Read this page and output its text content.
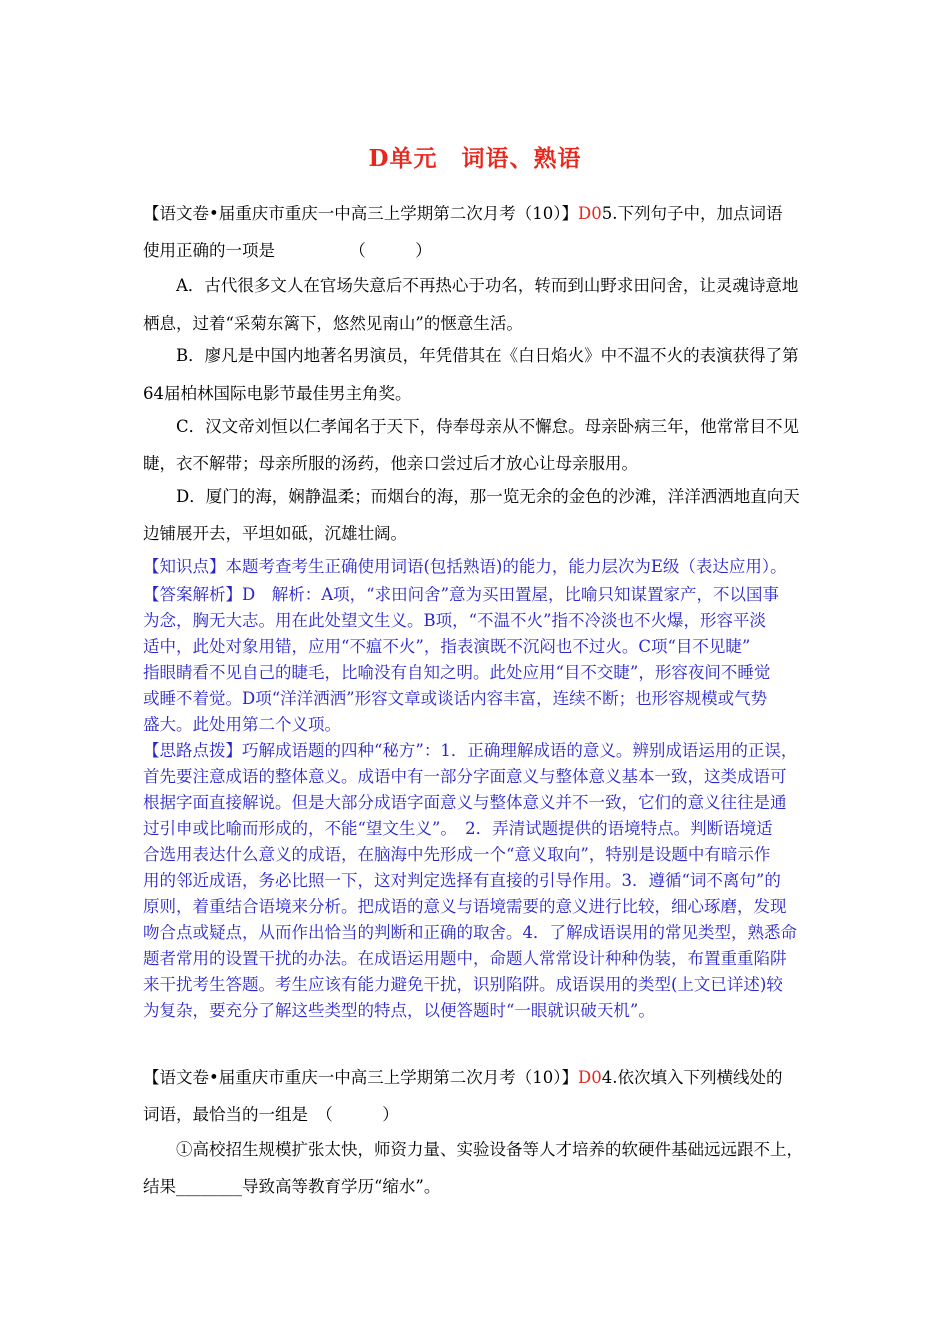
D单元　词语、熟语
【语文卷•届重庆市重庆一中高三上学期第二次月考（10）】D05.下列句子中，加点词语
使用正确的一项是　　　　　（　　　）
A．古代很多文人在官场失意后不再热心于功名，转而到山野求田问舍，让灵魂诗意地
栖息，过着“采菊东篱下，悠然见南山”的惬意生活。
B．廖凡是中国内地著名男演员，年凭借其在《白日焰火》中不温不火的表演获得了第
64届柏林国际电影节最佳男主角奖。
C．汉文帝刘恒以仁孝闻名于天下，侍奉母亲从不懈怠。母亲卧病三年，他常常目不见
睫，衣不解带；母亲所服的汤药，他亲口尝过后才放心让母亲服用。
D．厦门的海，娴静温柔；而烟台的海，那一览无余的金色的沙滩，洋洋洒洒地直向天
边铺展开去，平坦如砥，沉雄壮阔。
【知识点】本题考查考生正确使用词语(包括熟语)的能力，能力层次为E级（表达应用）。
【答案解析】D　解析：A项，“求田问舍”意为买田置屋，比喻只知谋置家产，不以国事
为念，胸无大志。用在此处望文生义。B项，“不温不火”指不冷淡也不火爆，形容平淡
适中，此处对象用错，应用“不瘟不火”，指表演既不沉闷也不过火。C项“目不见睫”
指眼睛看不见自己的睫毛，比喻没有自知之明。此处应用“目不交睫”，形容夜间不睡觉
或睡不着觉。D项“洋洋洒洒”形容文章或谈话内容丰富，连续不断；也形容规模或气势
盛大。此处用第二个义项。
【思路点拨】巧解成语题的四种“秘方”：1．正确理解成语的意义。辨别成语运用的正误，
首先要注意成语的整体意义。成语中有一部分字面意义与整体意义基本一致，这类成语可
根据字面直接解说。但是大部分成语字面意义与整体意义并不一致，它们的意义往往是通
过引申或比喻而形成的，不能“望文生义”。　2．弄清试题提供的语境特点。判断语境适
合选用表达什么意义的成语，在脑海中先形成一个“意义取向”，特别是设题中有暗示作
用的邻近成语，务必比照一下，这对判定选择有直接的引导作用。3．遵循“词不离句”的
原则，着重结合语境来分析。把成语的意义与语境需要的意义进行比较，细心琢磨，发现
吻合点或疑点，从而作出恰当的判断和正确的取舍。4．了解成语误用的常见类型，熟悉命
题者常用的设置干扰的办法。在成语运用题中，命题人常常设计种种伪装，布置重重陷阱
来干扰考生答题。考生应该有能力避免干扰，识别陷阱。成语误用的类型(上文已详述)较
为复杂，要充分了解这些类型的特点，以便答题时“一眼就识破天机”。
【语文卷•届重庆市重庆一中高三上学期第二次月考（10）】D04.依次填入下列横线处的
词语，最恰当的一组是　（　　　）
①高校招生规模扩张太快，师资力量、实验设备等人才培养的软硬件基础远远跟不上，
结果________导致高等教育学历“缩水”。
